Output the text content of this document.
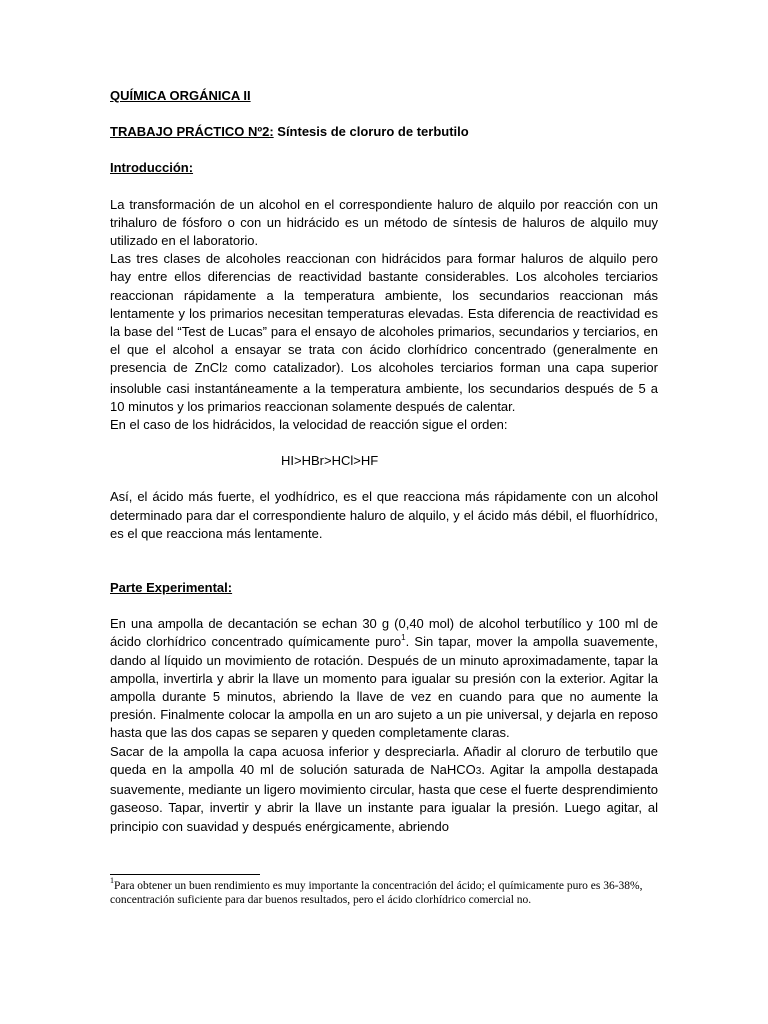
QUÍMICA ORGÁNICA II

TRABAJO PRÁCTICO Nº2: Síntesis de cloruro de terbutilo

Introducción:

La transformación de un alcohol en el correspondiente haluro de alquilo por reacción con un trihaluro de fósforo o con un hidrácido es un método de síntesis de haluros de alquilo muy utilizado en el laboratorio.

Las tres clases de alcoholes reaccionan con hidrácidos para formar haluros de alquilo pero hay entre ellos diferencias de reactividad bastante considerables. Los alcoholes terciarios reaccionan rápidamente a la temperatura ambiente, los secundarios reaccionan más lentamente y los primarios necesitan temperaturas elevadas. Esta diferencia de reactividad es la base del “Test de Lucas” para el ensayo de alcoholes primarios, secundarios y terciarios, en el que el alcohol a ensayar se trata con ácido clorhídrico concentrado (generalmente en presencia de ZnCl2 como catalizador). Los alcoholes terciarios forman una capa superior insoluble casi instantáneamente a la temperatura ambiente, los secundarios después de 5 a 10 minutos y los primarios reaccionan solamente después de calentar.

En el caso de los hidrácidos, la velocidad de reacción sigue el orden:

HI>HBr>HCl>HF

Así, el ácido más fuerte, el yodhídrico, es el que reacciona más rápidamente con un alcohol determinado para dar el correspondiente haluro de alquilo, y el ácido más débil, el fluorhídrico, es el que reacciona más lentamente.

Parte Experimental:

En una ampolla de decantación se echan 30 g (0,40 mol) de alcohol terbutílico y 100 ml de ácido clorhídrico concentrado químicamente puro$^1$. Sin tapar, mover la ampolla suavemente, dando al líquido un movimiento de rotación. Después de un minuto aproximadamente, tapar la ampolla, invertirla y abrir la llave un momento para igualar su presión con la exterior. Agitar la ampolla durante 5 minutos, abriendo la llave de vez en cuando para que no aumente la presión. Finalmente colocar la ampolla en un aro sujeto a un pie universal, y dejarla en reposo hasta que las dos capas se separen y queden completamente claras.

Sacar de la ampolla la capa acuosa inferior y despreciarla. Añadir al cloruro de terbutilo que queda en la ampolla 40 ml de solución saturada de NaHCO3. Agitar la ampolla destapada suavemente, mediante un ligero movimiento circular, hasta que cese el fuerte desprendimiento gaseoso. Tapar, invertir y abrir la llave un instante para igualar la presión. Luego agitar, al principio con suavidad y después enérgicamente, abriendo

$^1$Para obtener un buen rendimiento es muy importante la concentración del ácido; el químicamente puro es 36-38%, concentración suficiente para dar buenos resultados, pero el ácido clorhídrico comercial no.
